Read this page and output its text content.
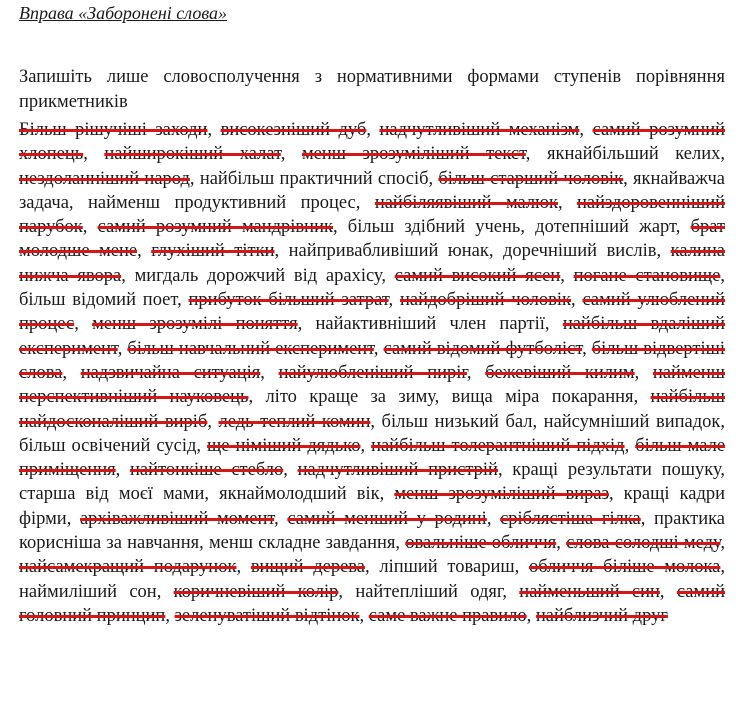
Вправа «Заборонені слова»

Запишіть лише словосполучення з нормативними формами ступенів порівняння прикметників

Більш рішучіші заходи, високезніший дуб, надчутливіший механізм, самий розумний хлопець, найширокіший халат, менш зрозуміліший текст, якнайбільший келих, нездоланніший народ, найбільш практичний спосіб, більш старший чоловік, якнайважча задача, найменш продуктивний процес, найбіляявіший малюк, найздоровенніший парубок, самий розумний мандрівник, більш здібний учень, дотепніший жарт, брат молодше мене, глухіший тітки, найпривабливіший юнак, доречніший вислів, калина нижча явора, мигдаль дорожчий від арахісу, самий високий ясен, погане становище, більш відомий поет, прибуток більший затрат, найдобріший чоловік, самий улюблений процес, менш зрозумілі поняття, найактивніший член партії, найбільш вдаліший експеримент, більш навчальний експеримент, самий відомий футболіст, більш відвертіші слова, надзвичайна ситуація, найулюбленіший пиріг, бежевіший килим, найменш перспективніший науковець, літо краще за зиму, вища міра покарання, найбільш найдосконаліший виріб, ледь теплий комин, більш низький бал, найсумніший випадок, більш освічений сусід, ще німіший дядько, найбільш толерантніший підхід, більш мале приміщення, найтонкіше стебло, надчутливіший пристрій, кращі результати пошуку, старша від моєї мами, якнаймолодший вік, менш зрозуміліший вираз, кращі кадри фірми, архіважливіший момент, самий менший у родині, сріблястіша гілка, практика корисніша за навчання, менш складне завдання, овальніше обличчя, слова солодші меду, найсамекращий подарунок, вищий дерева, ліпший товариш, обличчя біліше молока, наймиліший сон, коричневіший колір, найтепліший одяг, найменьший син, самий головний принцип, зеленуватіший відтінок, саме важне правило, найблизчий друг
